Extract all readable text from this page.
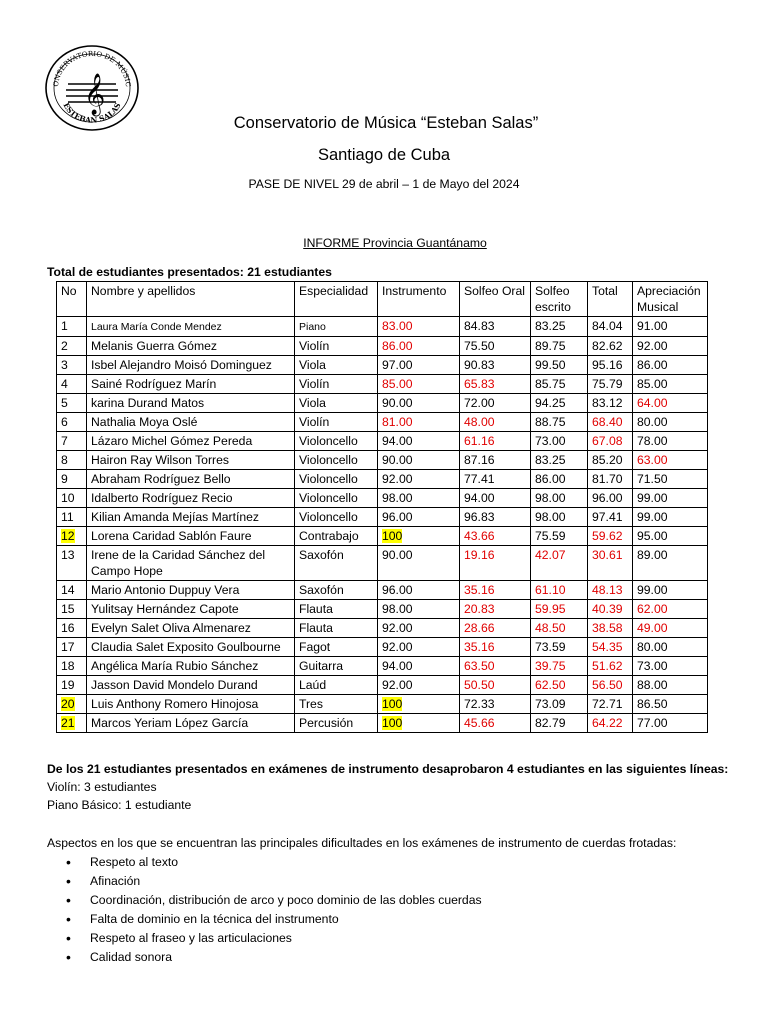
ONSERVATORIO DE MÚSIC
ESTEBAN SALAS
𝄞
Conservatorio de Música “Esteban Salas”
Santiago de Cuba
PASE DE NIVEL 29 de abril – 1 de Mayo del 2024
INFORME Provincia Guantánamo
Total de estudiantes presentados: 21 estudiantes
No	Nombre y apellidos	Especialidad	Instrumento	Solfeo Oral	Solfeo escrito	Total	Apreciación Musical
1	Laura María Conde Mendez	Piano	83.00	84.83	83.25	84.04	91.00
2	Melanis Guerra Gómez	Violín	86.00	75.50	89.75	82.62	92.00
3	Isbel Alejandro Moisó Dominguez	Viola	97.00	90.83	99.50	95.16	86.00
4	Sainé Rodríguez Marín	Violín	85.00	65.83	85.75	75.79	85.00
5	karina Durand Matos	Viola	90.00	72.00	94.25	83.12	64.00
6	Nathalia Moya Oslé	Violín	81.00	48.00	88.75	68.40	80.00
7	Lázaro Michel Gómez Pereda	Violoncello	94.00	61.16	73.00	67.08	78.00
8	Hairon Ray Wilson Torres	Violoncello	90.00	87.16	83.25	85.20	63.00
9	Abraham Rodríguez Bello	Violoncello	92.00	77.41	86.00	81.70	71.50
10	Idalberto Rodríguez Recio	Violoncello	98.00	94.00	98.00	96.00	99.00
11	Kilian Amanda Mejías Martínez	Violoncello	96.00	96.83	98.00	97.41	99.00
12	Lorena Caridad Sablón Faure	Contrabajo	100	43.66	75.59	59.62	95.00
13	Irene de la Caridad Sánchez del Campo Hope	Saxofón	90.00	19.16	42.07	30.61	89.00
14	Mario Antonio Duppuy Vera	Saxofón	96.00	35.16	61.10	48.13	99.00
15	Yulitsay Hernández Capote	Flauta	98.00	20.83	59.95	40.39	62.00
16	Evelyn Salet Oliva Almenarez	Flauta	92.00	28.66	48.50	38.58	49.00
17	Claudia Salet Exposito Goulbourne	Fagot	92.00	35.16	73.59	54.35	80.00
18	Angélica María Rubio Sánchez	Guitarra	94.00	63.50	39.75	51.62	73.00
19	Jasson David Mondelo Durand	Laúd	92.00	50.50	62.50	56.50	88.00
20	Luis Anthony Romero Hinojosa	Tres	100	72.33	73.09	72.71	86.50
21	Marcos Yeriam López García	Percusión	100	45.66	82.79	64.22	77.00
De los 21 estudiantes presentados en exámenes de instrumento desaprobaron 4 estudiantes en las siguientes líneas:
Violín: 3 estudiantes
Piano Básico: 1 estudiante
Aspectos en los que se encuentran las principales dificultades en los exámenes de instrumento de cuerdas frotadas:
• Respeto al texto
• Afinación
• Coordinación, distribución de arco y poco dominio de las dobles cuerdas
• Falta de dominio en la técnica del instrumento
• Respeto al fraseo y las articulaciones
• Calidad sonora
